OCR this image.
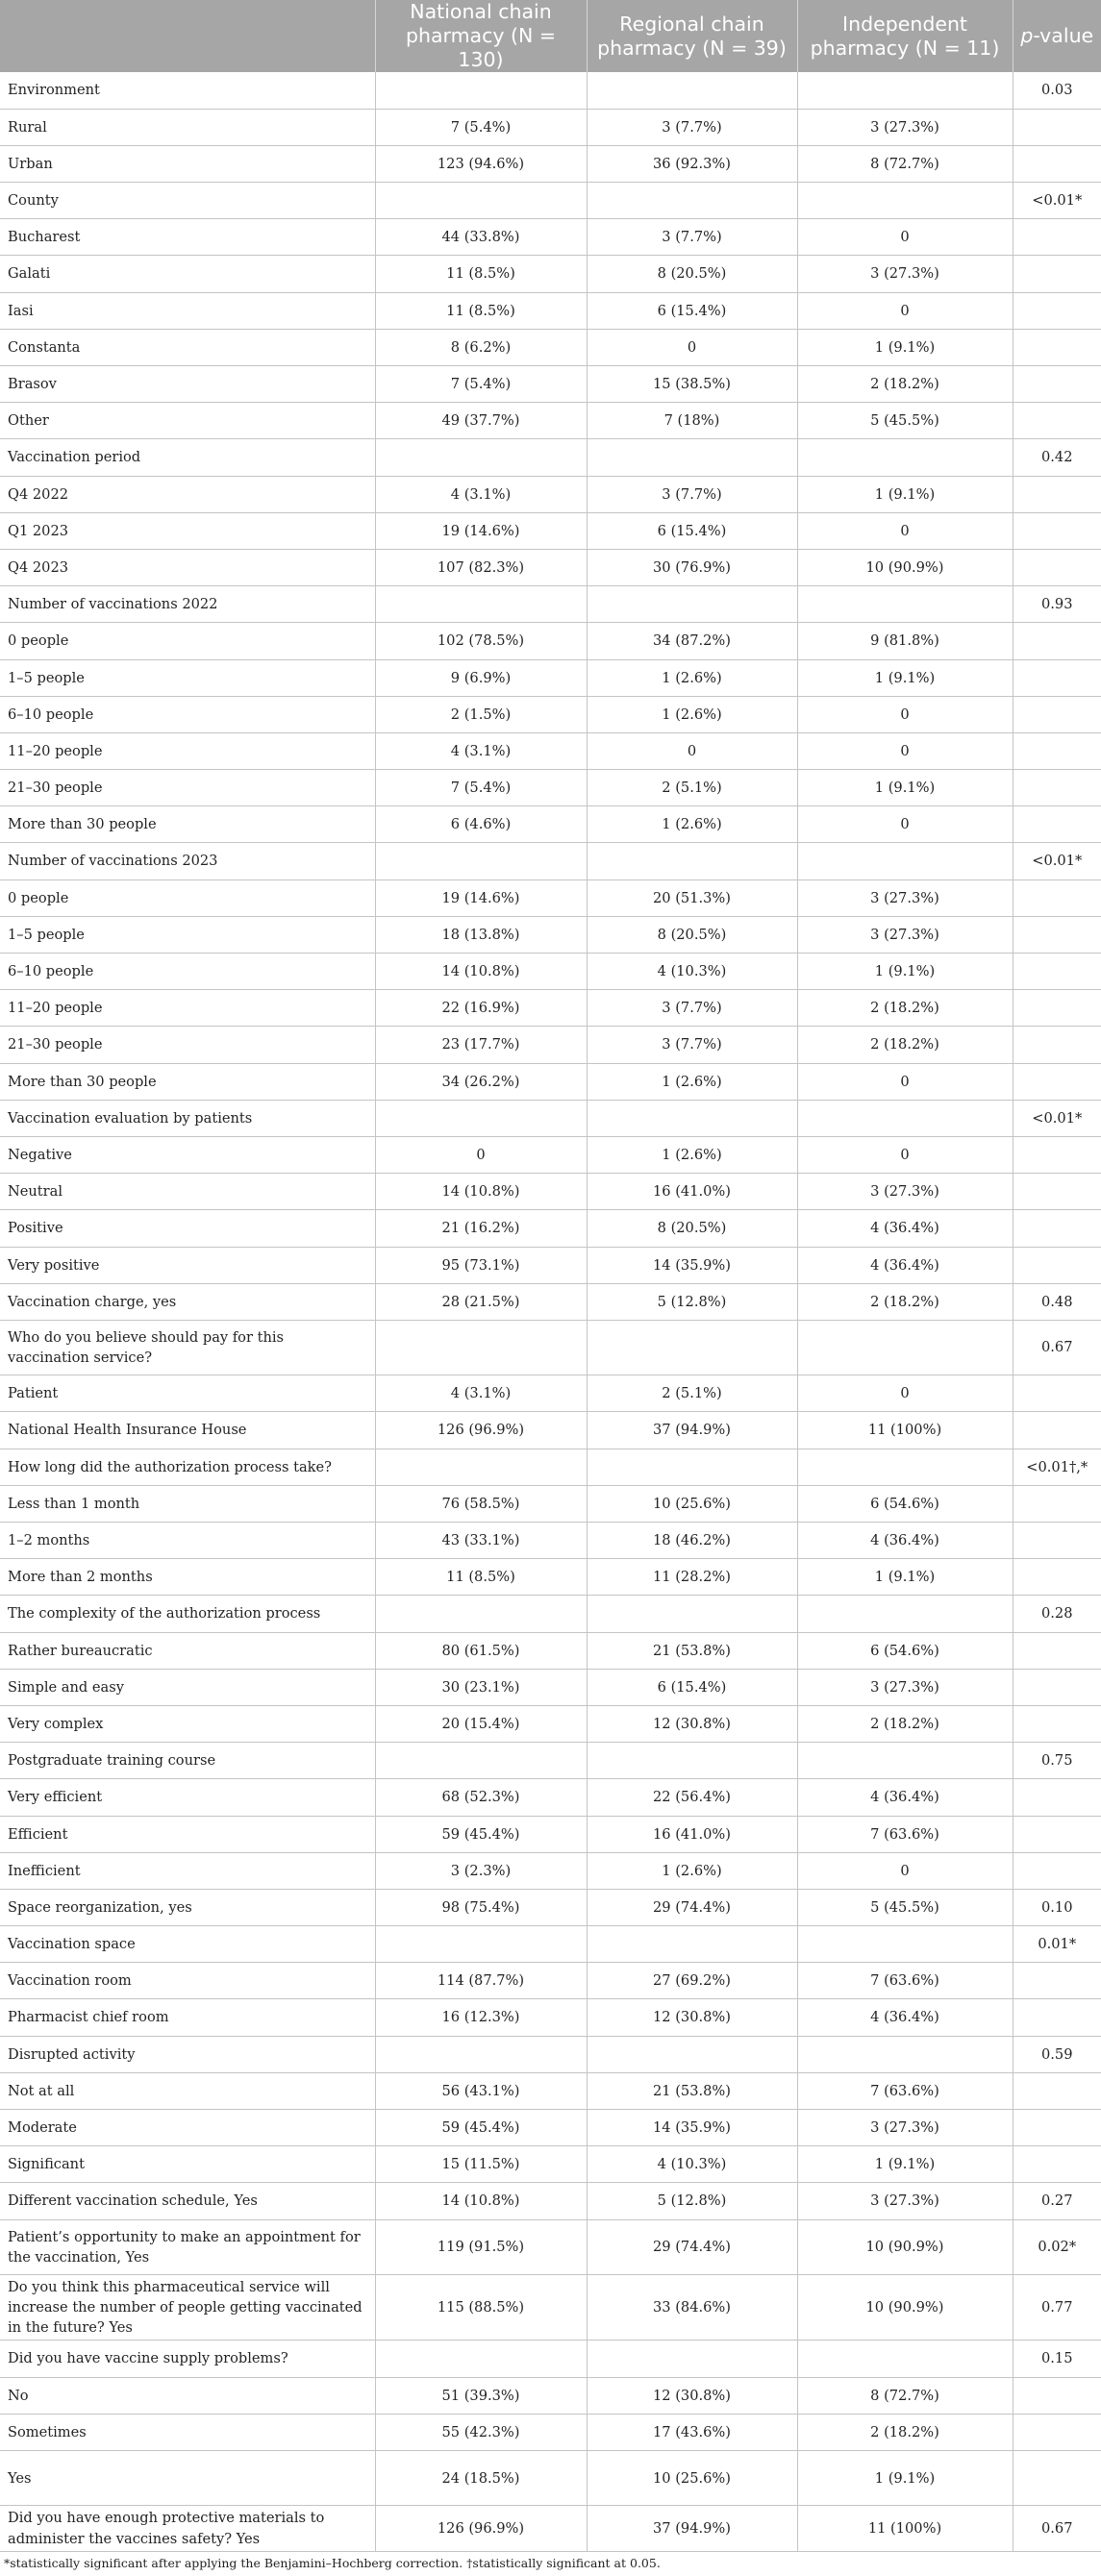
	National chain pharmacy (N = 130)	Regional chain pharmacy (N = 39)	Independent pharmacy (N = 11)	p-value
Environment				0.03
Rural	7 (5.4%)	3 (7.7%)	3 (27.3%)	
Urban	123 (94.6%)	36 (92.3%)	8 (72.7%)	
County				<0.01*
Bucharest	44 (33.8%)	3 (7.7%)	0	
Galati	11 (8.5%)	8 (20.5%)	3 (27.3%)	
Iasi	11 (8.5%)	6 (15.4%)	0	
Constanta	8 (6.2%)	0	1 (9.1%)	
Brasov	7 (5.4%)	15 (38.5%)	2 (18.2%)	
Other	49 (37.7%)	7 (18%)	5 (45.5%)	
Vaccination period				0.42
Q4 2022	4 (3.1%)	3 (7.7%)	1 (9.1%)	
Q1 2023	19 (14.6%)	6 (15.4%)	0	
Q4 2023	107 (82.3%)	30 (76.9%)	10 (90.9%)	
Number of vaccinations 2022				0.93
0 people	102 (78.5%)	34 (87.2%)	9 (81.8%)	
1–5 people	9 (6.9%)	1 (2.6%)	1 (9.1%)	
6–10 people	2 (1.5%)	1 (2.6%)	0	
11–20 people	4 (3.1%)	0	0	
21–30 people	7 (5.4%)	2 (5.1%)	1 (9.1%)	
More than 30 people	6 (4.6%)	1 (2.6%)	0	
Number of vaccinations 2023				<0.01*
0 people	19 (14.6%)	20 (51.3%)	3 (27.3%)	
1–5 people	18 (13.8%)	8 (20.5%)	3 (27.3%)	
6–10 people	14 (10.8%)	4 (10.3%)	1 (9.1%)	
11–20 people	22 (16.9%)	3 (7.7%)	2 (18.2%)	
21–30 people	23 (17.7%)	3 (7.7%)	2 (18.2%)	
More than 30 people	34 (26.2%)	1 (2.6%)	0	
Vaccination evaluation by patients				<0.01*
Negative	0	1 (2.6%)	0	
Neutral	14 (10.8%)	16 (41.0%)	3 (27.3%)	
Positive	21 (16.2%)	8 (20.5%)	4 (36.4%)	
Very positive	95 (73.1%)	14 (35.9%)	4 (36.4%)	
Vaccination charge, yes	28 (21.5%)	5 (12.8%)	2 (18.2%)	0.48
Who do you believe should pay for this vaccination service?				0.67
Patient	4 (3.1%)	2 (5.1%)	0	
National Health Insurance House	126 (96.9%)	37 (94.9%)	11 (100%)	
How long did the authorization process take?				<0.01†,*
Less than 1 month	76 (58.5%)	10 (25.6%)	6 (54.6%)	
1–2 months	43 (33.1%)	18 (46.2%)	4 (36.4%)	
More than 2 months	11 (8.5%)	11 (28.2%)	1 (9.1%)	
The complexity of the authorization process				0.28
Rather bureaucratic	80 (61.5%)	21 (53.8%)	6 (54.6%)	
Simple and easy	30 (23.1%)	6 (15.4%)	3 (27.3%)	
Very complex	20 (15.4%)	12 (30.8%)	2 (18.2%)	
Postgraduate training course				0.75
Very efficient	68 (52.3%)	22 (56.4%)	4 (36.4%)	
Efficient	59 (45.4%)	16 (41.0%)	7 (63.6%)	
Inefficient	3 (2.3%)	1 (2.6%)	0	
Space reorganization, yes	98 (75.4%)	29 (74.4%)	5 (45.5%)	0.10
Vaccination space				0.01*
Vaccination room	114 (87.7%)	27 (69.2%)	7 (63.6%)	
Pharmacist chief room	16 (12.3%)	12 (30.8%)	4 (36.4%)	
Disrupted activity				0.59
Not at all	56 (43.1%)	21 (53.8%)	7 (63.6%)	
Moderate	59 (45.4%)	14 (35.9%)	3 (27.3%)	
Significant	15 (11.5%)	4 (10.3%)	1 (9.1%)	
Different vaccination schedule, Yes	14 (10.8%)	5 (12.8%)	3 (27.3%)	0.27
Patient’s opportunity to make an appointment for the vaccination, Yes	119 (91.5%)	29 (74.4%)	10 (90.9%)	0.02*
Do you think this pharmaceutical service will increase the number of people getting vaccinated in the future? Yes	115 (88.5%)	33 (84.6%)	10 (90.9%)	0.77
Did you have vaccine supply problems?				0.15
No	51 (39.3%)	12 (30.8%)	8 (72.7%)	
Sometimes	55 (42.3%)	17 (43.6%)	2 (18.2%)	
Yes	24 (18.5%)	10 (25.6%)	1 (9.1%)	
Did you have enough protective materials to administer the vaccines safety? Yes	126 (96.9%)	37 (94.9%)	11 (100%)	0.67
*statistically significant after applying the Benjamini–Hochberg correction. †statistically significant at 0.05.
